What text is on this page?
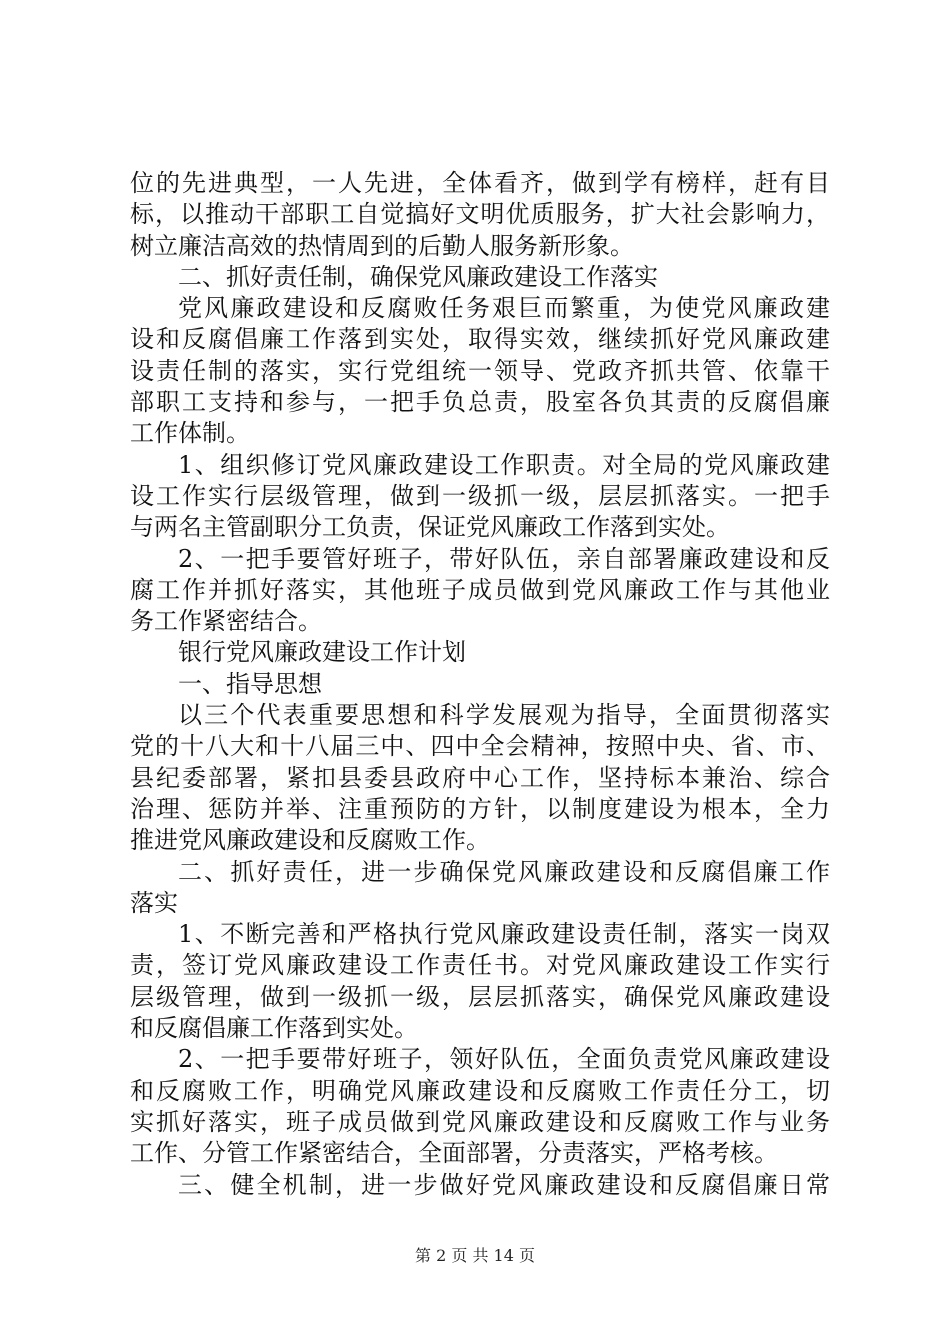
位的先进典型，一人先进，全体看齐，做到学有榜样，赶有目
标，以推动干部职工自觉搞好文明优质服务，扩大社会影响力，
树立廉洁高效的热情周到的后勤人服务新形象。
二、抓好责任制，确保党风廉政建设工作落实
党风廉政建设和反腐败任务艰巨而繁重，为使党风廉政建
设和反腐倡廉工作落到实处，取得实效，继续抓好党风廉政建
设责任制的落实，实行党组统一领导、党政齐抓共管、依靠干
部职工支持和参与，一把手负总责，股室各负其责的反腐倡廉
工作体制。
1、组织修订党风廉政建设工作职责。对全局的党风廉政建
设工作实行层级管理，做到一级抓一级，层层抓落实。一把手
与两名主管副职分工负责，保证党风廉政工作落到实处。
2、一把手要管好班子，带好队伍，亲自部署廉政建设和反
腐工作并抓好落实，其他班子成员做到党风廉政工作与其他业
务工作紧密结合。
银行党风廉政建设工作计划
一、指导思想
以三个代表重要思想和科学发展观为指导，全面贯彻落实
党的十八大和十八届三中、四中全会精神，按照中央、省、市、
县纪委部署，紧扣县委县政府中心工作，坚持标本兼治、综合
治理、惩防并举、注重预防的方针，以制度建设为根本，全力
推进党风廉政建设和反腐败工作。
二、抓好责任，进一步确保党风廉政建设和反腐倡廉工作
落实
1、不断完善和严格执行党风廉政建设责任制，落实一岗双
责，签订党风廉政建设工作责任书。对党风廉政建设工作实行
层级管理，做到一级抓一级，层层抓落实，确保党风廉政建设
和反腐倡廉工作落到实处。
2、一把手要带好班子，领好队伍，全面负责党风廉政建设
和反腐败工作，明确党风廉政建设和反腐败工作责任分工，切
实抓好落实，班子成员做到党风廉政建设和反腐败工作与业务
工作、分管工作紧密结合，全面部署，分责落实，严格考核。
三、健全机制，进一步做好党风廉政建设和反腐倡廉日常
第 2 页 共 14 页
